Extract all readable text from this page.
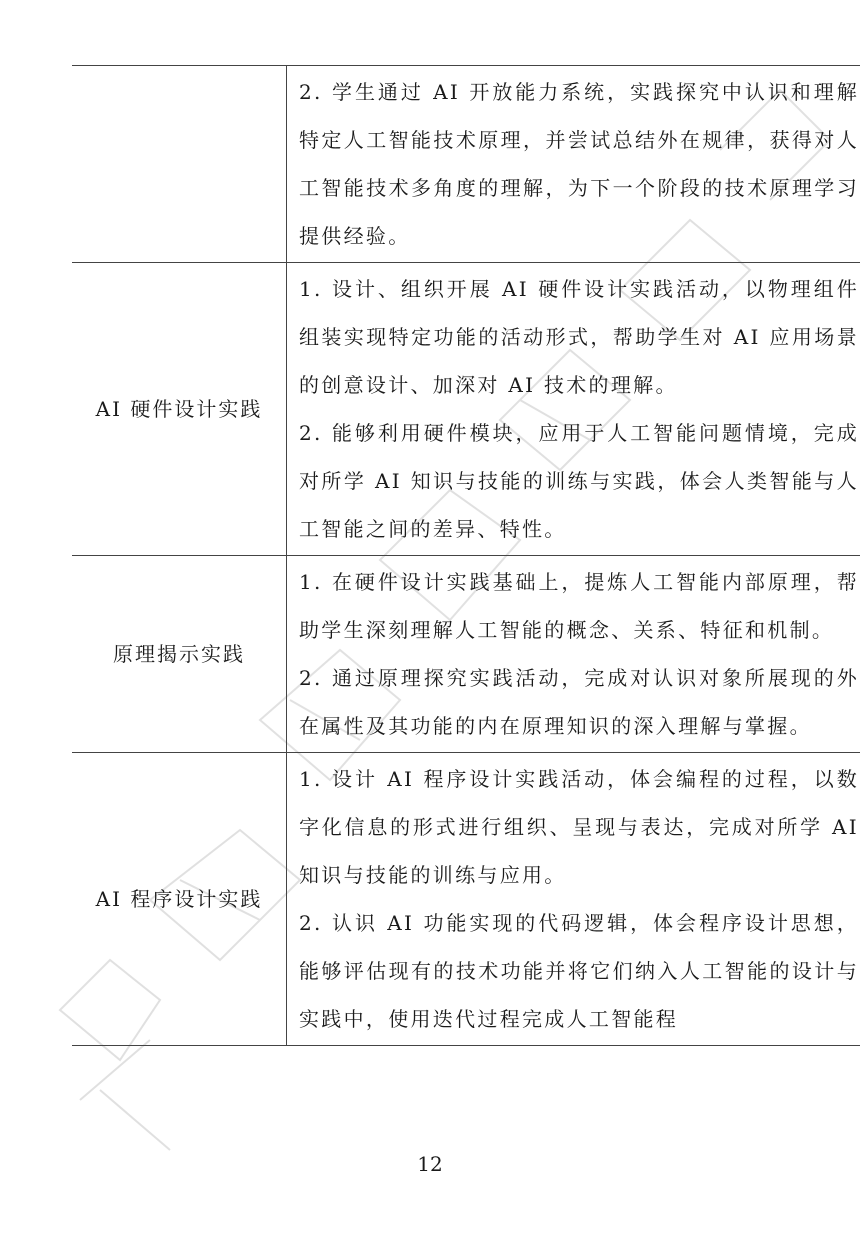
	2. 学生通过 AI 开放能力系统，实践探究中认识和理解特定人工智能技术原理，并尝试总结外在规律，获得对人工智能技术多角度的理解，为下一个阶段的技术原理学习提供经验。

AI 硬件设计实践	1. 设计、组织开展 AI 硬件设计实践活动，以物理组件组装实现特定功能的活动形式，帮助学生对 AI 应用场景的创意设计、加深对 AI 技术的理解。

2. 能够利用硬件模块，应用于人工智能问题情境，完成对所学 AI 知识与技能的训练与实践，体会人类智能与人工智能之间的差异、特性。

原理揭示实践	1. 在硬件设计实践基础上，提炼人工智能内部原理，帮助学生深刻理解人工智能的概念、关系、特征和机制。

2. 通过原理探究实践活动，完成对认识对象所展现的外在属性及其功能的内在原理知识的深入理解与掌握。

AI 程序设计实践	1. 设计 AI 程序设计实践活动，体会编程的过程，以数字化信息的形式进行组织、呈现与表达，完成对所学 AI 知识与技能的训练与应用。

2. 认识 AI 功能实现的代码逻辑，体会程序设计思想，能够评估现有的技术功能并将它们纳入人工智能的设计与实践中，使用迭代过程完成人工智能程

12
